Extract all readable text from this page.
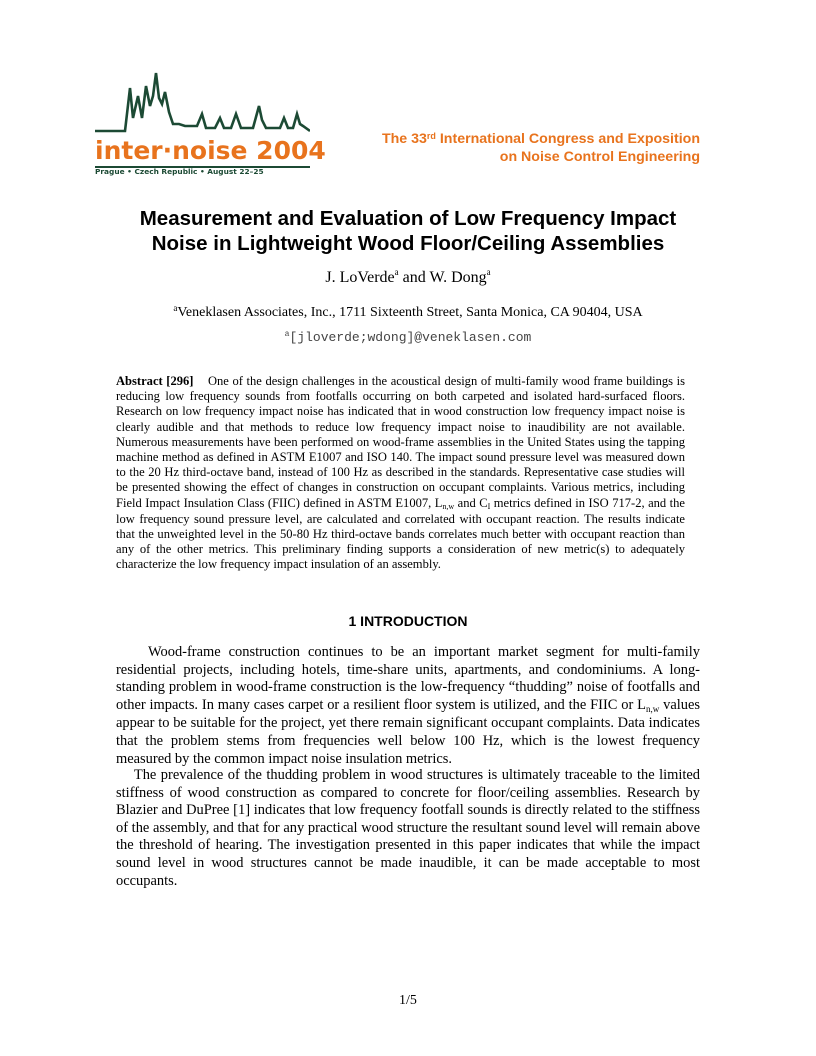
inter·noise 2004
Prague • Czech Republic • August 22–25
The 33rd International Congress and Exposition
on Noise Control Engineering
Measurement and Evaluation of Low Frequency Impact
Noise in Lightweight Wood Floor/Ceiling Assemblies
J. LoVerde$^a$ and W. Dong$^a$
$^a$Veneklasen Associates, Inc., 1711 Sixteenth Street, Santa Monica, CA 90404, USA
$^a$[jloverde;wdong]@veneklasen.com
Abstract [296] One of the design challenges in the acoustical design of multi-family wood frame buildings is reducing low frequency sounds from footfalls occurring on both carpeted and isolated hard-surfaced floors. Research on low frequency impact noise has indicated that in wood construction low frequency impact noise is clearly audible and that methods to reduce low frequency impact noise to inaudibility are not available. Numerous measurements have been performed on wood-frame assemblies in the United States using the tapping machine method as defined in ASTM E1007 and ISO 140. The impact sound pressure level was measured down to the 20 Hz third-octave band, instead of 100 Hz as described in the standards. Representative case studies will be presented showing the effect of changes in construction on occupant complaints. Various metrics, including Field Impact Insulation Class (FIIC) defined in ASTM E1007, $L_{n,w}$ and $C_I$ metrics defined in ISO 717-2, and the low frequency sound pressure level, are calculated and correlated with occupant reaction. The results indicate that the unweighted level in the 50-80 Hz third-octave bands correlates much better with occupant reaction than any of the other metrics. This preliminary finding supports a consideration of new metric(s) to adequately characterize the low frequency impact insulation of an assembly.
1 INTRODUCTION

Wood-frame construction continues to be an important market segment for multi-family residential projects, including hotels, time-share units, apartments, and condominiums. A long-standing problem in wood-frame construction is the low-frequency “thudding” noise of footfalls and other impacts. In many cases carpet or a resilient floor system is utilized, and the FIIC or $L_{n,w}$ values appear to be suitable for the project, yet there remain significant occupant complaints. Data indicates that the problem stems from frequencies well below 100 Hz, which is the lowest frequency measured by the common impact noise insulation metrics.

The prevalence of the thudding problem in wood structures is ultimately traceable to the limited stiffness of wood construction as compared to concrete for floor/ceiling assemblies. Research by Blazier and DuPree [1] indicates that low frequency footfall sounds is directly related to the stiffness of the assembly, and that for any practical wood structure the resultant sound level will remain above the threshold of hearing. The investigation presented in this paper indicates that while the impact sound level in wood structures cannot be made inaudible, it can be made acceptable to most occupants.

1/5
